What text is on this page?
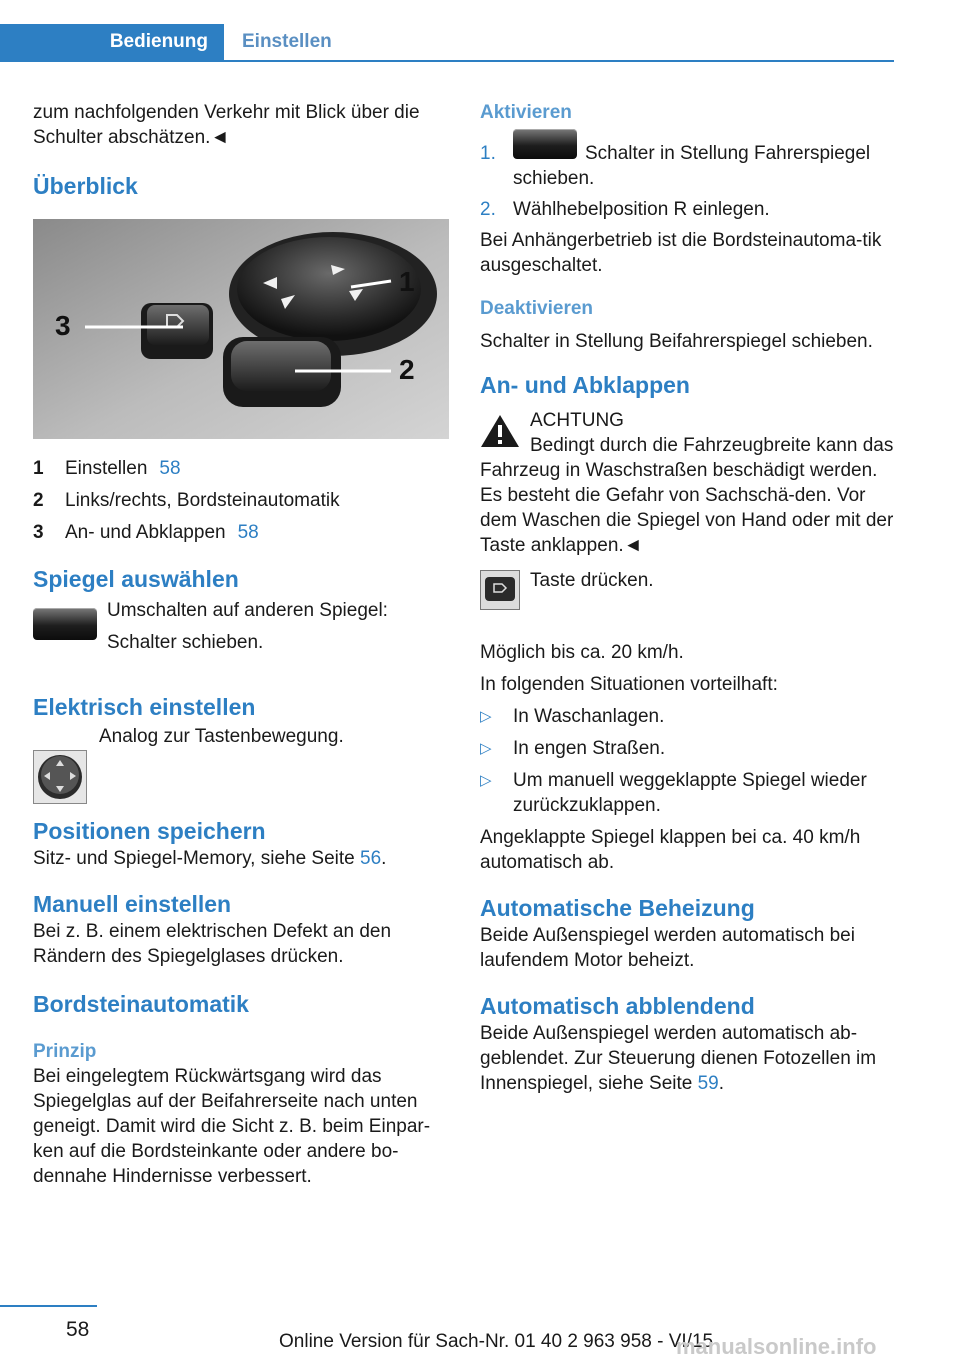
Bedienung Einstellen

zum nachfolgenden Verkehr mit Blick über die Schulter abschätzen.◄

Überblick
1
2
3
1	Einstellen 58
2	Links/rechts, Bordsteinautomatik
3	An- und Abklappen 58
Spiegel auswählen

Umschalten auf anderen Spiegel:

Schalter schieben.

Elektrisch einstellen

Analog zur Tastenbewegung.

Positionen speichern

Sitz- und Spiegel-Memory, siehe Seite 56.

Manuell einstellen

Bei z. B. einem elektrischen Defekt an den Rändern des Spiegelglases drücken.

Bordsteinautomatik
Prinzip

Bei eingelegtem Rückwärtsgang wird das Spiegelglas auf der Beifahrerseite nach unten geneigt. Damit wird die Sicht z. B. beim Einpar-ken auf die Bordsteinkante oder andere bo-dennahe Hindernisse verbessert.

Aktivieren
1.	Schalter in Stellung Fahrerspiegel schieben.

2. Wählhebelposition R einlegen.

Bei Anhängerbetrieb ist die Bordsteinautoma-tik ausgeschaltet.

Deaktivieren

Schalter in Stellung Beifahrerspiegel schieben.

An- und Abklappen

ACHTUNG

Bedingt durch die Fahrzeugbreite kann das Fahrzeug in Waschstraßen beschädigt werden. Es besteht die Gefahr von Sachschä-den. Vor dem Waschen die Spiegel von Hand oder mit der Taste anklappen.◄

Taste drücken.

Möglich bis ca. 20 km/h.

In folgenden Situationen vorteilhaft:

▷	In Waschanlagen.

▷	In engen Straßen.

▷	Um manuell weggeklappte Spiegel wieder zurückzuklappen.

Angeklappte Spiegel klappen bei ca. 40 km/h automatisch ab.

Automatische Beheizung

Beide Außenspiegel werden automatisch bei laufendem Motor beheizt.

Automatisch abblendend

Beide Außenspiegel werden automatisch ab-geblendet. Zur Steuerung dienen Fotozellen im Innenspiegel, siehe Seite 59.

58
Online Version für Sach-Nr. 01 40 2 963 958 - VI/15
manualsonline.info
